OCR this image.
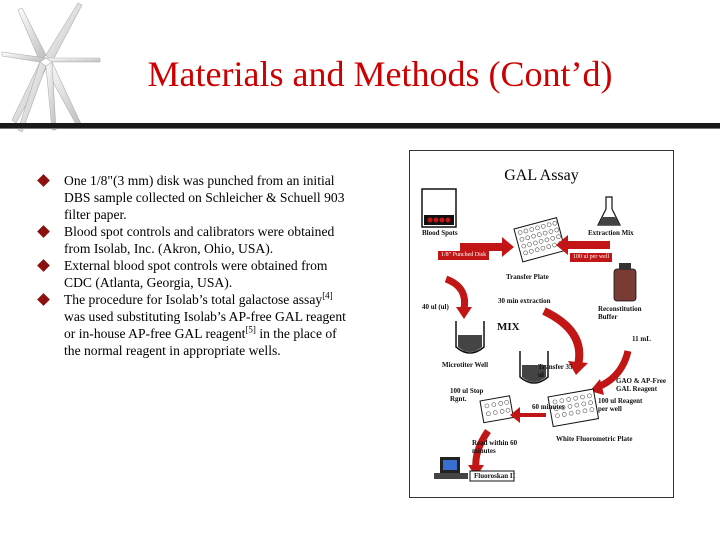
Materials and Methods (Cont’d)
One 1/8"(3 mm) disk was punched from an initial DBS sample collected on Schleicher & Schuell 903 filter paper.
Blood spot controls and calibrators were obtained from Isolab, Inc. (Akron, Ohio, USA).
External blood spot controls were obtained from CDC (Atlanta, Georgia, USA).
The procedure for Isolab’s total galactose assay[4] was used substituting Isolab’s AP-free GAL reagent or in-house AP-free GAL reagent[5] in the place of the normal reagent in appropriate wells.
GAL Assay
Blood Spots
1/8" Punched Disk
Extraction Mix
100 ul per well
Transfer Plate
30 min extraction
40 ul (ul)
MIX
Reconstitution Buffer
11 mL
Microtiter Well	Transfer 35 ul
GAO & AP-Free GAL Reagent
100 ul Stop Rgnt.
60 minutes
100 ul Reagent per well
White Fluorometric Plate
Read within 60 minutes
Fluoroskan II
